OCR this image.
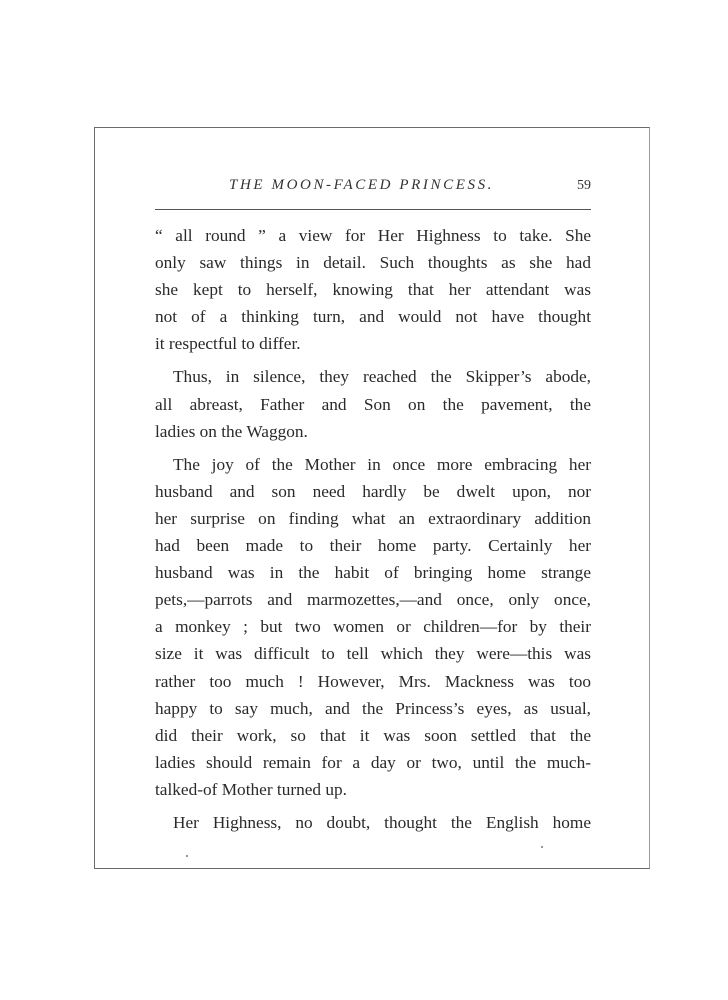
THE MOON-FACED PRINCESS.	59
“ all round ” a view for Her Highness to take. She
only saw things in detail. Such thoughts as she had
she kept to herself, knowing that her attendant was
not of a thinking turn, and would not have thought
it respectful to differ.
Thus, in silence, they reached the Skipper’s abode,
all abreast, Father and Son on the pavement, the
ladies on the Waggon.
The joy of the Mother in once more embracing her
husband and son need hardly be dwelt upon, nor
her surprise on finding what an extraordinary addition
had been made to their home party. Certainly her
husband was in the habit of bringing home strange
pets,—parrots and marmozettes,—and once, only once,
a monkey ; but two women or children—for by their
size it was difficult to tell which they were—this was
rather too much ! However, Mrs. Mackness was too
happy to say much, and the Princess’s eyes, as usual,
did their work, so that it was soon settled that the
ladies should remain for a day or two, until the much-
talked-of Mother turned up.
Her Highness, no doubt, thought the English home
